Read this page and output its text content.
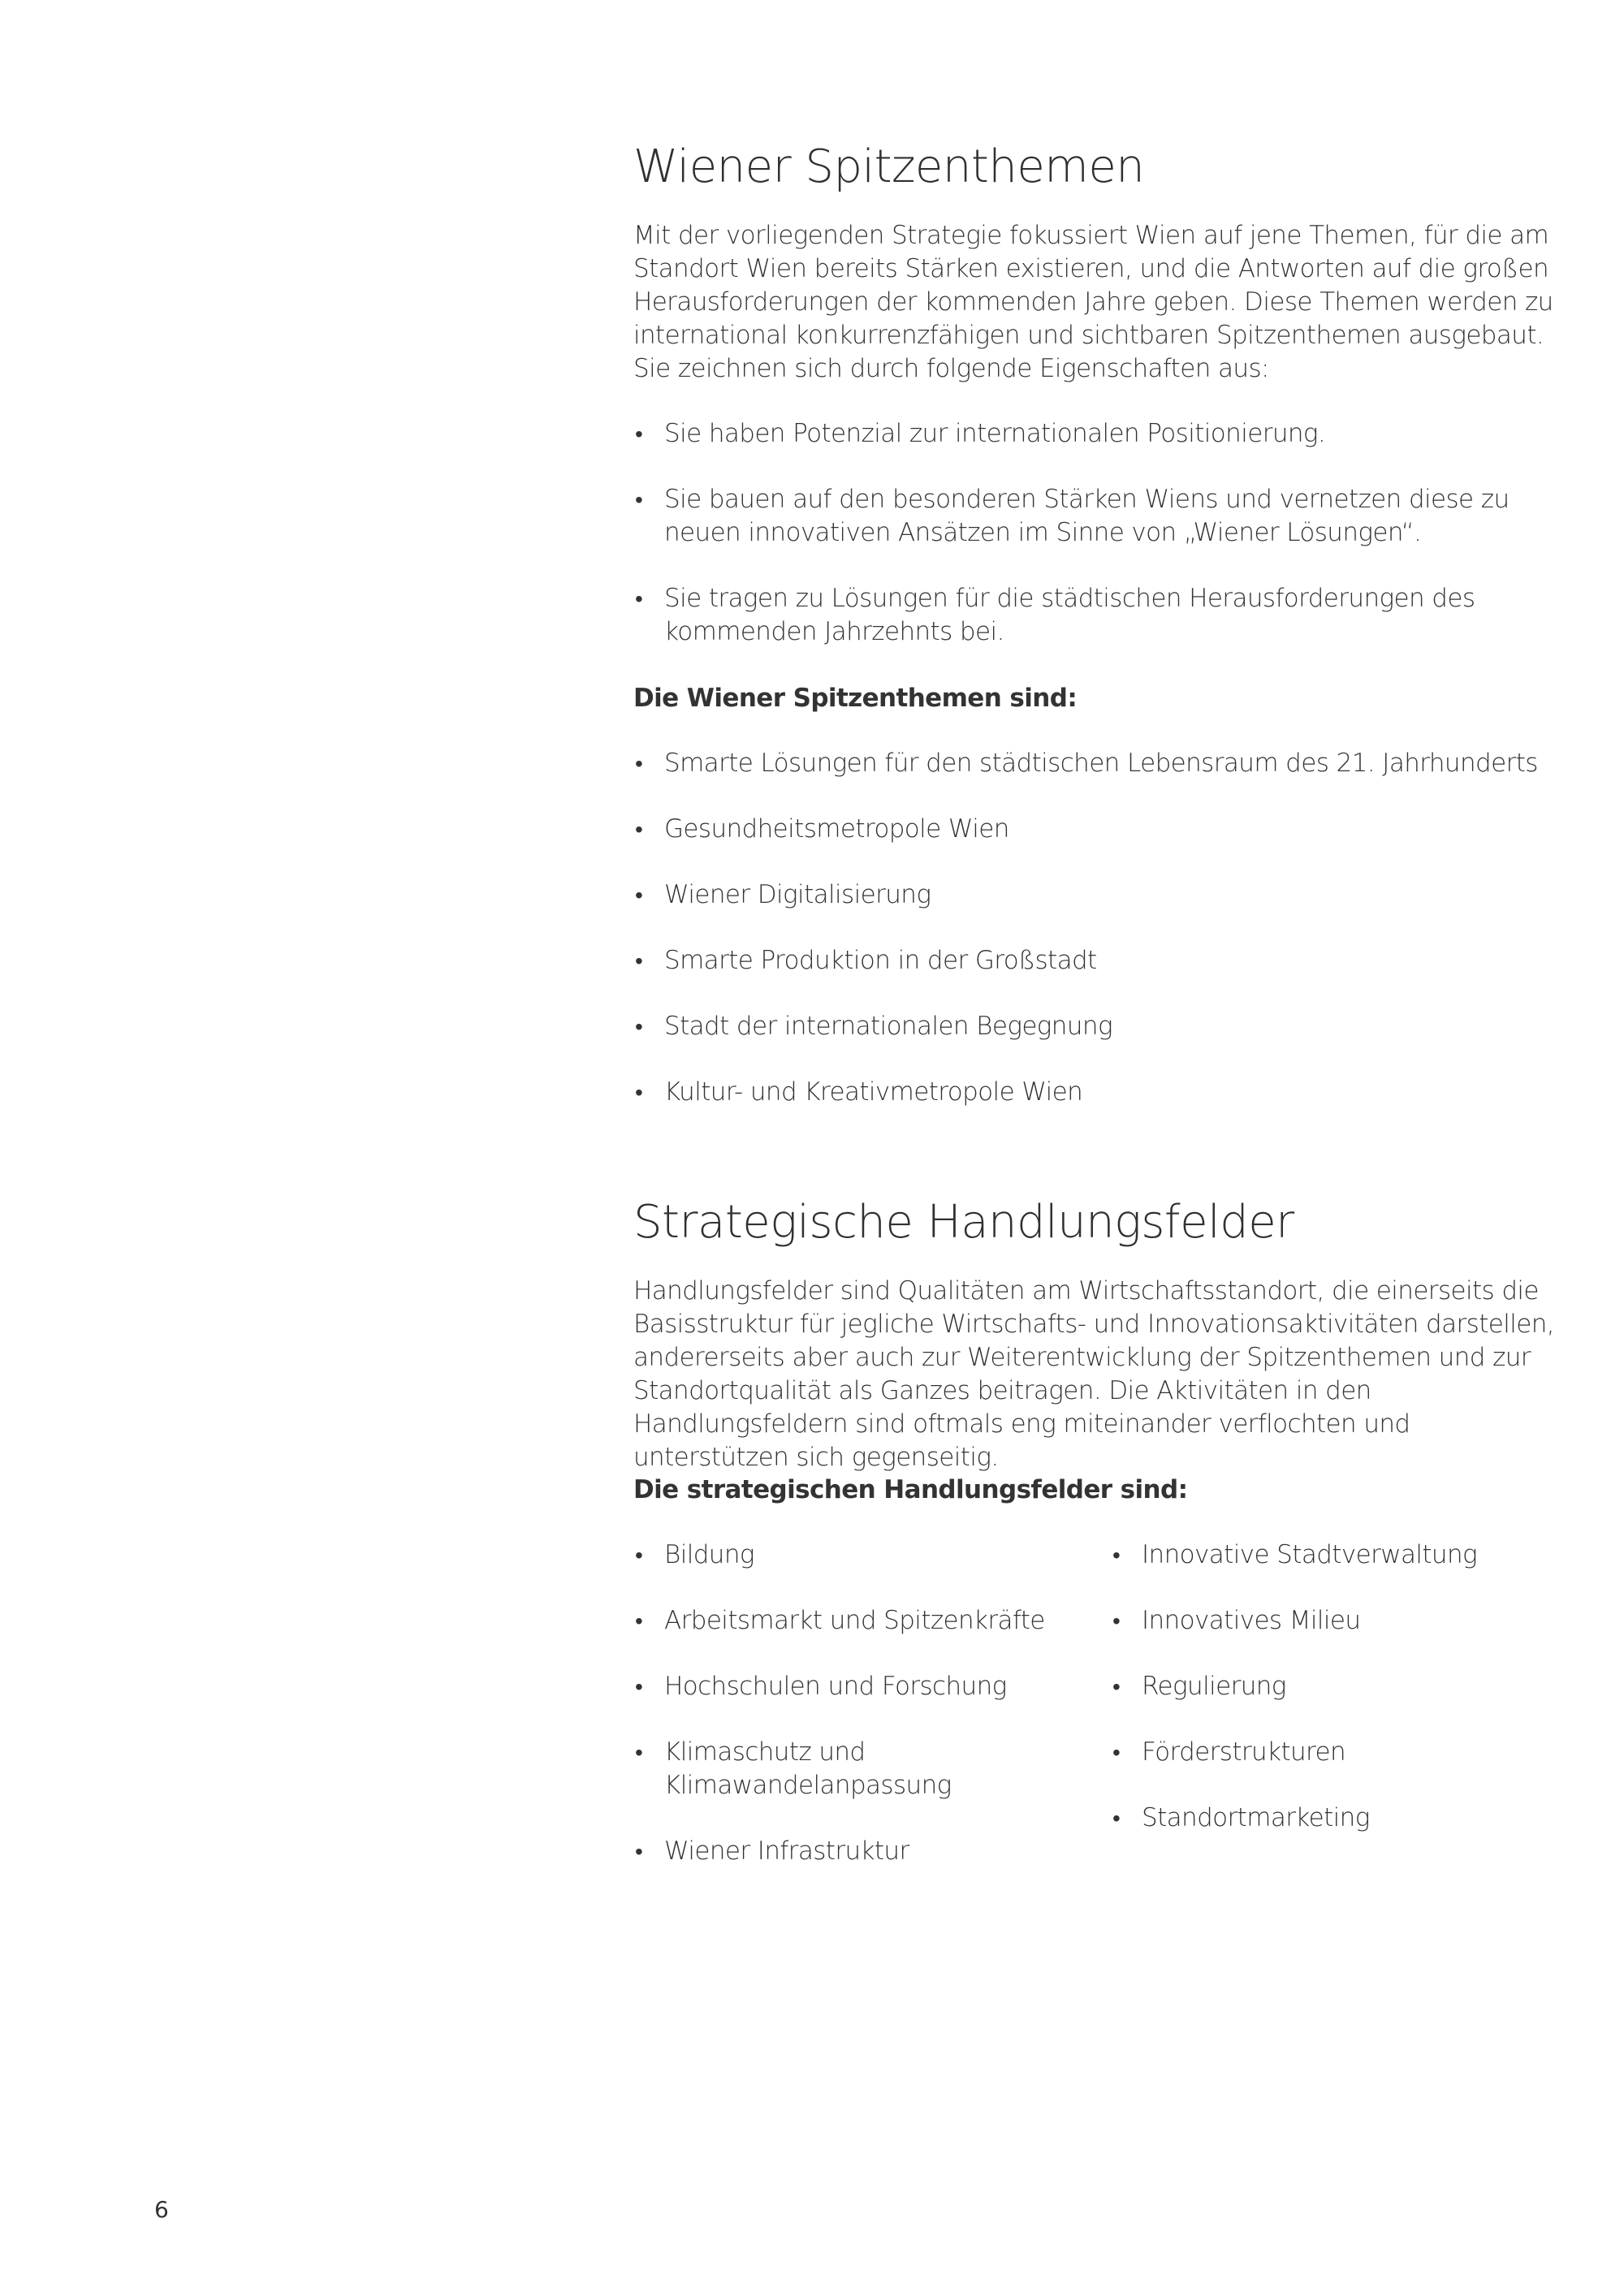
Wiener Spitzenthemen

Mit der vorliegenden Strategie fokussiert Wien auf jene Themen, für die am Standort Wien bereits Stärken existieren, und die Antworten auf die großen Herausforderungen der kommenden Jahre geben. Diese Themen werden zu international konkurrenzfähigen und sichtbaren Spitzenthemen ausgebaut. Sie zeichnen sich durch folgende Eigenschaften aus:

• Sie haben Potenzial zur internationalen Positionierung.
• Sie bauen auf den besonderen Stärken Wiens und vernetzen diese zu neuen innovativen Ansätzen im Sinne von „Wiener Lösungen“.
• Sie tragen zu Lösungen für die städtischen Herausforderungen des kommenden Jahrzehnts bei.

Die Wiener Spitzenthemen sind:

• Smarte Lösungen für den städtischen Lebensraum des 21. Jahrhunderts
• Gesundheitsmetropole Wien
• Wiener Digitalisierung
• Smarte Produktion in der Großstadt
• Stadt der internationalen Begegnung
• Kultur- und Kreativmetropole Wien
Strategische Handlungsfelder

Handlungsfelder sind Qualitäten am Wirtschaftsstandort, die einerseits die Basisstruktur für jegliche Wirtschafts- und Innovationsaktivitäten darstellen, andererseits aber auch zur Weiterentwicklung der Spitzenthemen und zur Standortqualität als Ganzes beitragen. Die Aktivitäten in den Handlungsfeldern sind oftmals eng miteinander verflochten und unterstützen sich gegenseitig.

Die strategischen Handlungsfelder sind:

• Bildung
• Arbeitsmarkt und Spitzenkräfte
• Hochschulen und Forschung
• Klimaschutz und Klimawandelanpassung
• Wiener Infrastruktur
• Innovative Stadtverwaltung
• Innovatives Milieu
• Regulierung
• Förderstrukturen
• Standortmarketing
6
